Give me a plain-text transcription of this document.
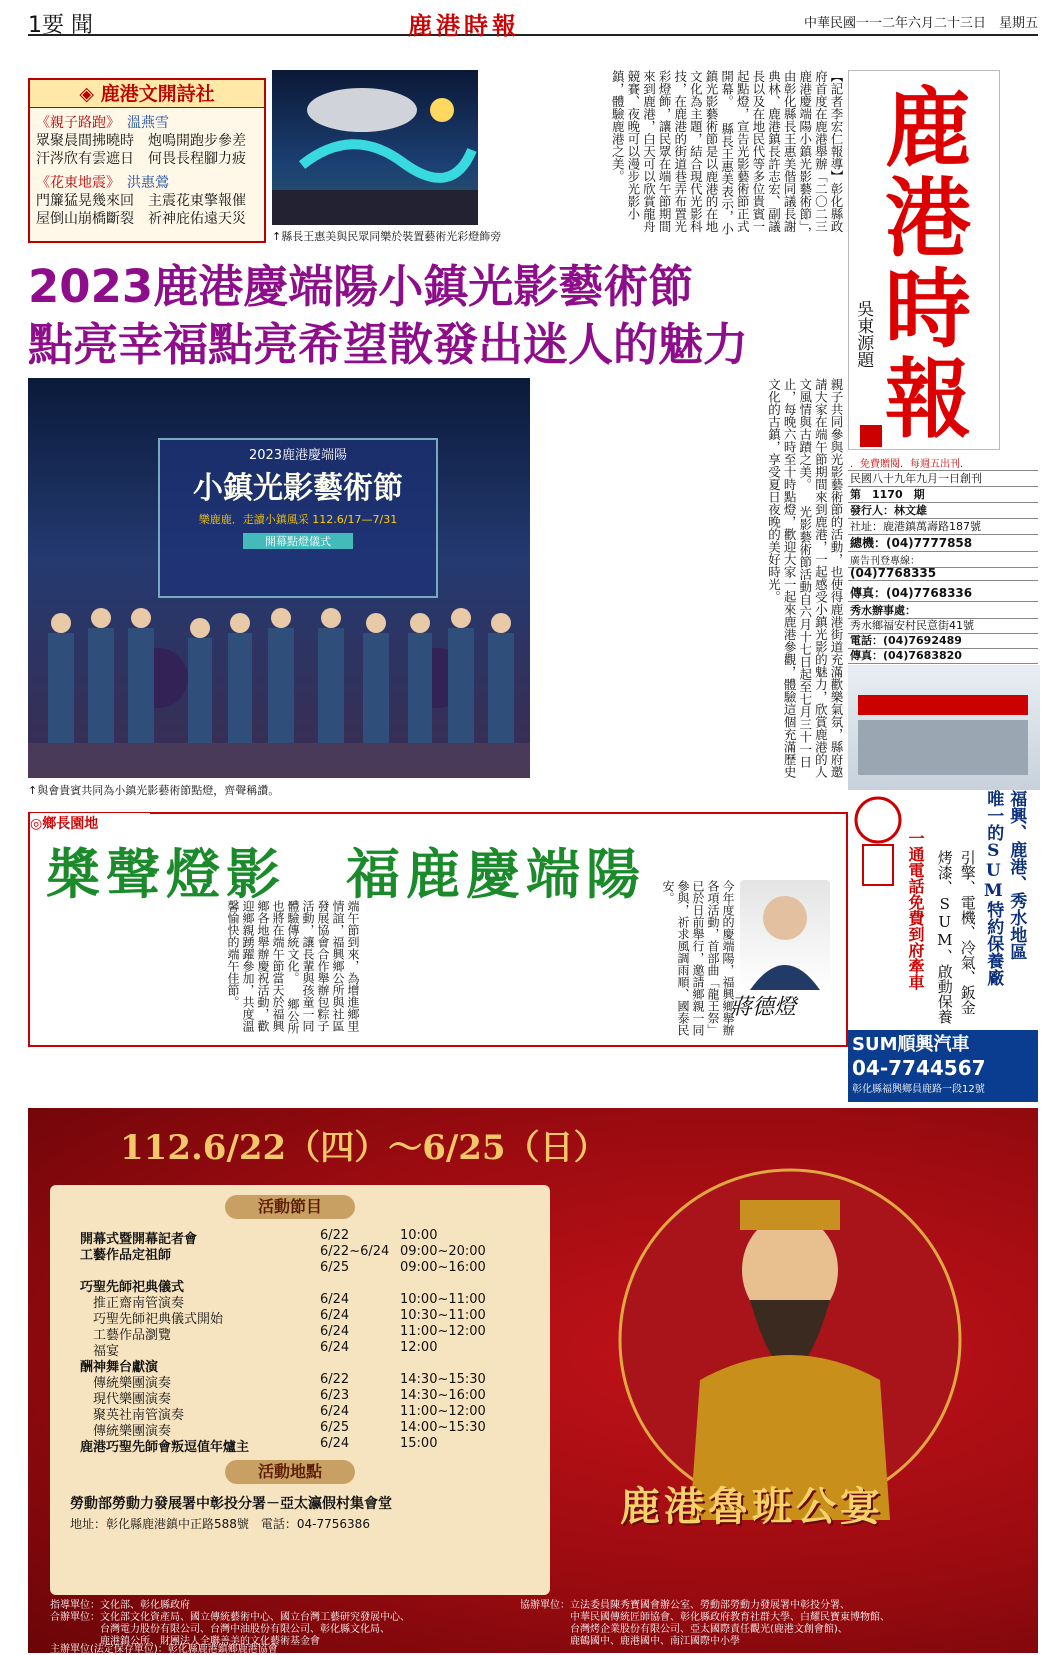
1要 聞	鹿港時報	中華民國一一二年六月二十三日　星期五
◈ 鹿港文開詩社
《親子路跑》　 溫燕雪
眾聚晨間拂曉時　 炮鳴開跑步參差
汗涔欣有雲遮日　 何畏長程腳力疲
《花東地震》　 洪惠鶯
門簾猛晃幾來回　 主震花東擎報催
屋倒山崩橋斷裂　 祈神庇佑遠天災
↑縣長王惠美與民眾同樂於裝置藝術光彩燈飾旁
【記者李宏仁報導】彰化縣政府首度在鹿港舉辦「二〇二三鹿港慶端陽小鎮光影藝術節」，由彰化縣長王惠美偕同議長謝典林、鹿港鎮長許志宏、副議長以及在地民代等多位貴賓一起點燈，宣告光影藝術節正式開幕。 縣長王惠美表示，小鎮光影藝術節是以鹿港的在地文化為主題，結合現代光影科技，在鹿港的街道巷弄布置光彩燈飾，讓民眾在端午節期間來到鹿港，白天可以欣賞龍舟競賽、夜晚可以漫步光影小鎮，體驗鹿港之美。
2023鹿港慶端陽小鎮光影藝術節
點亮幸福點亮希望散發出迷人的魅力
2023鹿港慶端陽
小鎮光影藝術節
樂鹿鹿．走讀小鎮風采 112.6/17—7/31
開幕點燈儀式
↑與會貴賓共同為小鎮光影藝術節點燈，齊聲稱讚。
親子共同參與光影藝術節的活動，也使得鹿港街道充滿歡樂氣氛，縣府邀請大家在端午節期間來到鹿港，一起感受小鎮光影的魅力，欣賞鹿港的人文風情與古蹟之美。 光影藝術節活動自六月十七日起至七月三十一日止，每晚六時至十時點燈，歡迎大家一起來鹿港參觀，體驗這個充滿歷史文化的古鎮，享受夏日夜晚的美好時光。
鹿
港
時
報
吳東源題
．免費贈閱．每週五出刊．
民國八十九年九月一日創刊
第　1170　期
發行人：林文雄
社址：鹿港鎮萬壽路187號
總機：(04)7777858
廣告刊登專線：
(04)7768335
傳真：(04)7768336
秀水辦事處：
秀水鄉福安村民意街41號
電話：(04)7692489
傳真：(04)7683820
福興、鹿港、秀水地區
唯一的SUM特約保養廠
引擎、電機、冷氣、鈑金
烤漆、SUM、啟動保養
一通電話免費到府牽車
SUM順興汽車
04-7744567
彰化縣福興鄉員鹿路一段12號
◎鄉長園地
槳聲燈影　福鹿慶端陽
端午節到來，為增進鄉里情誼，福興鄉公所與社區發展協會合作舉辦包粽子活動，讓長輩與孩童一同體驗傳統文化。 鄉公所也將在端午節當天於福興鄉各地舉辦慶祝活動，歡迎鄉親踴躍參加，共度溫馨愉快的端午佳節。	蔣德燈
今年度的慶端陽，福興鄉舉辦各項活動，首部曲「龍王祭」已於日前舉行，邀請鄉親一同參與，祈求風調雨順、國泰民安。
112.6/22（四）～6/25（日）
活動節目
開幕式暨開幕記者會	6/22	10:00
工藝作品定祖師	6/22~6/24 09:00~20:00
6/25	09:00~16:00
巧聖先師祀典儀式
　推正齋南管演奏	6/24	10:00~11:00
　巧聖先師祀典儀式開始	6/24	10:30~11:00
　工藝作品瀏覽	6/24	11:00~12:00
　福宴	6/24	12:00
酬神舞台獻演
　傳統樂團演奏	6/22	14:30~15:30
　現代樂團演奏	6/23	14:30~16:00
　聚英社南管演奏	6/24	11:00~12:00
　傳統樂團演奏	6/25	14:00~15:30
鹿港巧聖先師會叛逗值年爐主	6/24	15:00
活動地點
勞動部勞動力發展署中彰投分署－亞太瀛假村集會堂
地址：彰化縣鹿港鎮中正路588號　電話：04-7756386	鹿港魯班公宴
指導單位：文化部、彰化縣政府
合辦單位：文化部文化資產局、國立傳統藝術中心、國立台灣工藝研究發展中心、
　　　　　台灣電力股份有限公司、台灣中油股份有限公司、彰化縣文化局、
　　　　　鹿港鎮公所、財團法人全聯善美的文化藝術基金會
協辦單位：立法委員陳秀寶國會辦公室、勞動部勞動力發展署中彰投分署、
　　　　　中華民國傳統匠師協會、彰化縣政府教育社群大學、白耀民寶東博物館、
　　　　　台灣烤企業股份有限公司、亞太國際責任觀光(鹿港文創會館)、
　　　　　鹿鶴國中、鹿港國中、南江國際中小學
主辦單位(法定保存單位)：彰化縣鹿港鎮鄉鹿港協會
